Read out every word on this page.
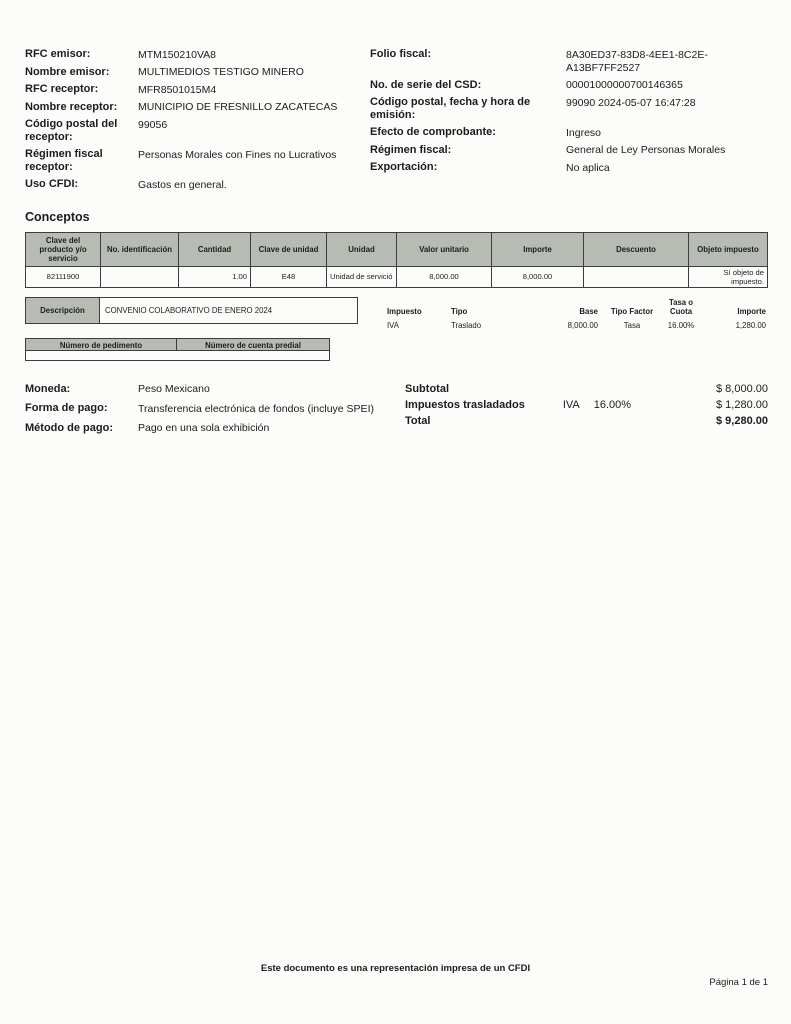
RFC emisor:	MTM150210VA8
Nombre emisor:	MULTIMEDIOS TESTIGO MINERO
RFC receptor:	MFR8501015M4
Nombre receptor:	MUNICIPIO DE FRESNILLO ZACATECAS
Código postal del receptor:
99056
Régimen fiscal receptor:
Personas Morales con Fines no Lucrativos
Uso CFDI:	Gastos en general.
Folio fiscal:	8A30ED37-83D8-4EE1-8C2E-A13BF7FF2527
No. de serie del CSD:	00001000000700146365
Código postal, fecha y hora de emisión:
99090 2024-05-07 16:47:28
Efecto de comprobante:	Ingreso
Régimen fiscal:	General de Ley Personas Morales
Exportación:	No aplica
Conceptos
Clave del producto y/o servicio	No. identificación	Cantidad	Clave de unidad	Unidad	Valor unitario	Importe	Descuento	Objeto impuesto
82111900		1.00	E48	Unidad de servició	8,000.00	8,000.00		Sí objeto de impuesto.
Descripción	CONVENIO COLABORATIVO DE ENERO 2024	Impuesto	Tipo	Base	Tipo Factor	Tasa o Cuota	Importe
IVA	Traslado	8,000.00	Tasa	16.00%	1,280.00
Número de pedimento	Número de cuenta predial
Moneda:	Peso Mexicano
Forma de pago:	Transferencia electrónica de fondos (incluye SPEI)
Método de pago:	Pago en una sola exhibición
Subtotal	$ 8,000.00
Impuestos trasladados	IVA 16.00%	$ 1,280.00
Total	$ 9,280.00
Este documento es una representación impresa de un CFDI
Página 1 de 1
